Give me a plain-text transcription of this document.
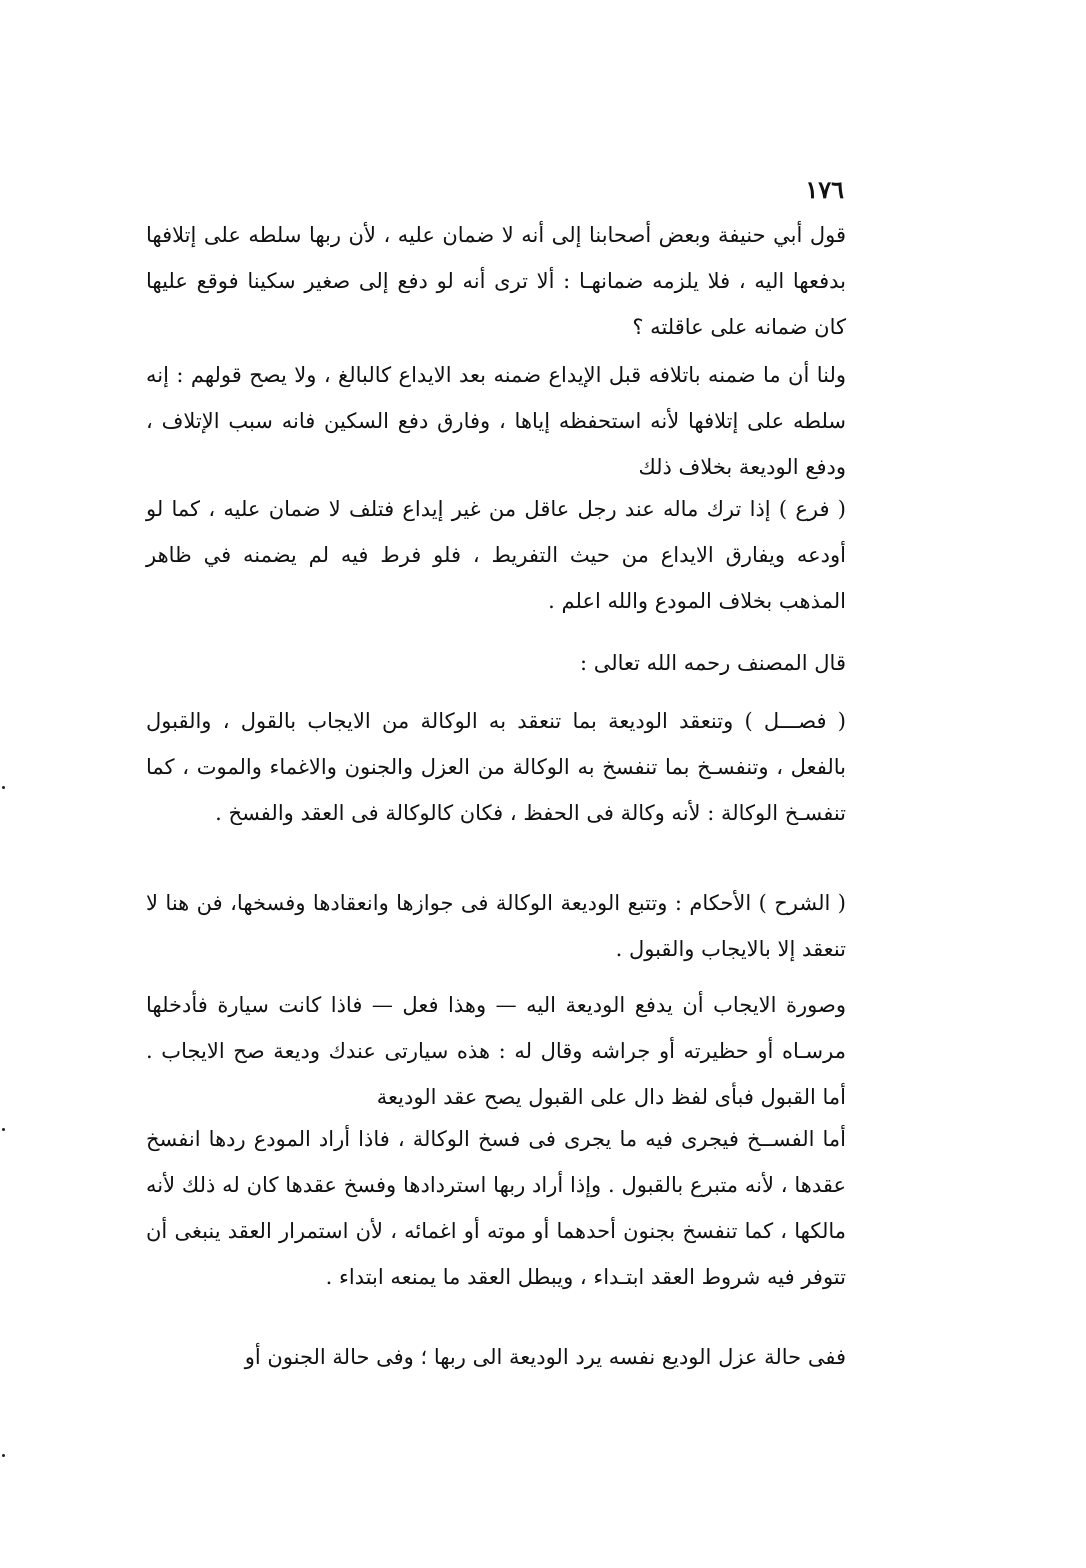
١٧٦

قول أبي حنيفة وبعض أصحابنا إلى أنه لا ضمان عليه ، لأن ربها سلطه على إتلافها بدفعها اليه ، فلا يلزمه ضمانهـا : ألا ترى أنه لو دفع إلى صغير سكينا فوقع عليها كان ضمانه على عاقلته ؟

ولنا أن ما ضمنه باتلافه قبل الإيداع ضمنه بعد الايداع كالبالغ ، ولا يصح قولهم : إنه سلطه على إتلافها لأنه استحفظه إياها ، وفارق دفع السكين فانه سبب الإتلاف ، ودفع الوديعة بخلاف ذلك

( فرع ) إذا ترك ماله عند رجل عاقل من غير إيداع فتلف لا ضمان عليه ، كما لو أودعه ويفارق الايداع من حيث التفريط ، فلو فرط فيه لم يضمنه في ظاهر المذهب بخلاف المودع والله اعلم .

قال المصنف رحمه الله تعالى :

( فصـــل ) وتنعقد الوديعة بما تنعقد به الوكالة من الايجاب بالقول ، والقبول بالفعل ، وتنفسـخ بما تنفسخ به الوكالة من العزل والجنون والاغماء والموت ، كما تنفسـخ الوكالة : لأنه وكالة فى الحفظ ، فكان كالوكالة فى العقد والفسخ .

( الشرح ) الأحكام : وتتبع الوديعة الوكالة فى جوازها وانعقادها وفسخها، فن هنا لا تنعقد إلا بالايجاب والقبول .

وصورة الايجاب أن يدفع الوديعة اليه — وهذا فعل — فاذا كانت سيارة فأدخلها مرسـاه أو حظيرته أو جراشه وقال له : هذه سيارتى عندك وديعة صح الايجاب . أما القبول فبأى لفظ دال على القبول يصح عقد الوديعة

أما الفســخ فيجرى فيه ما يجرى فى فسخ الوكالة ، فاذا أراد المودع ردها انفسخ عقدها ، لأنه متبرع بالقبول . وإذا أراد ربها استردادها وفسخ عقدها كان له ذلك لأنه مالكها ، كما تنفسخ بجنون أحدهما أو موته أو اغمائه ، لأن استمرار العقد ينبغى أن تتوفر فيه شروط العقد ابتـداء ، ويبطل العقد ما يمنعه ابتداء .

ففى حالة عزل الوديع نفسه يرد الوديعة الى ربها ؛ وفى حالة الجنون أو
